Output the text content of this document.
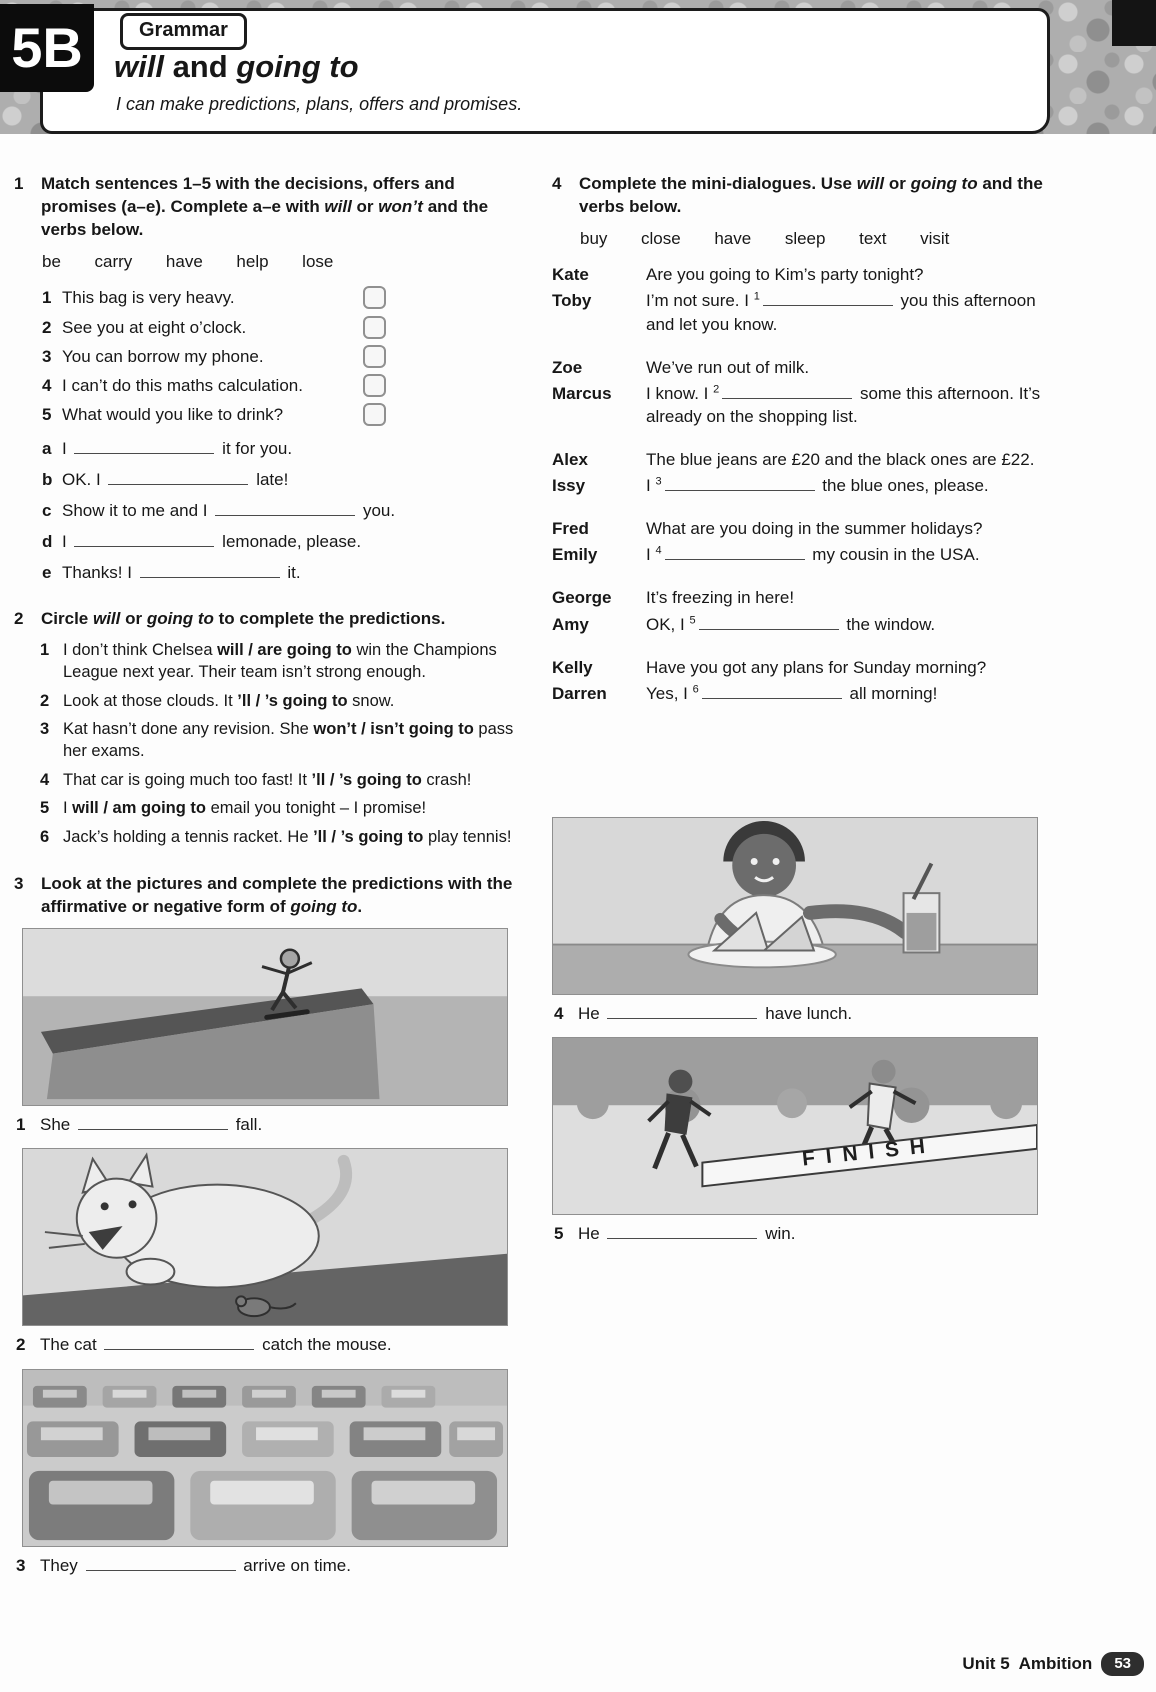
5B	Grammar
will and going to

I can make predictions, plans, offers and promises.

1	Match sentences 1–5 with the decisions, offers and promises (a–e). Complete a–e with will or won’t and the verbs below.

be carry have help lose
1 This bag is very heavy.
2 See you at eight o’clock.
3 You can borrow my phone.
4 I can’t do this maths calculation.
5 What would you like to drink?
a I	it for you.
b OK. I	late!
c Show it to me and I	you.
d I	lemonade, please.
e Thanks! I	it.
2	Circle will or going to to complete the predictions.

1 I don’t think Chelsea will / are going to win the Champions League next year. Their team isn’t strong enough.
2 Look at those clouds. It ’ll / ’s going to snow.
3 Kat hasn’t done any revision. She won’t / isn’t going to pass her exams.
4 That car is going much too fast! It ’ll / ’s going to crash!
5 I will / am going to email you tonight – I promise!
6 Jack’s holding a tennis racket. He ’ll / ’s going to play tennis!
3	Look at the pictures and complete the predictions with the affirmative or negative form of going to.

1 She	fall.
2 The cat	catch the mouse.
3 They	arrive on time.
4	Complete the mini-dialogues. Use will or going to and the verbs below.

buy close have sleep text visit
Kate	Are you going to Kim’s party tonight?
Toby	I’m not sure. I $^1$	you this afternoon and let you know.
Zoe	We’ve run out of milk.
Marcus	I know. I $^2$	some this afternoon. It’s already on the shopping list.
Alex	The blue jeans are £20 and the black ones are £22.
Issy	I $^3$	the blue ones, please.
Fred	What are you doing in the summer holidays?
Emily	I $^4$	my cousin in the USA.
George	It’s freezing in here!
Amy	OK, I $^5$	the window.
Kelly	Have you got any plans for Sunday morning?
Darren	Yes, I $^6$	all morning!
4 He	have lunch.
FINISH
5 He	win.
Unit 5 Ambition	53
